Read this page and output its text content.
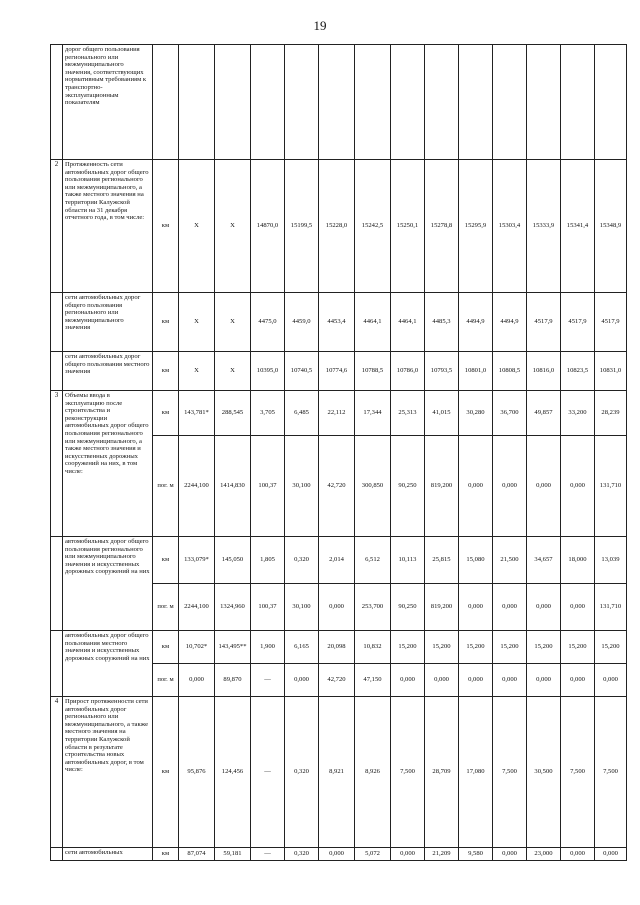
19
	дорог общего пользования регионального или межмуниципального значения, соответствующих нормативным требованиям к транспортно-эксплуатационным показателям														
2	Протяженность сети автомобильных дорог общего пользования регионального или межмуниципального, а также местного значения на территории Калужской области на 31 декабря отчетного года, в том числе:	км	Х	Х	14870,0	15199,5	15228,0	15242,5	15250,1	15278,8	15295,9	15303,4	15333,9	15341,4	15348,9
	сети автомобильных дорог общего пользования регионального или межмуниципального значения	км	Х	Х	4475,0	4459,0	4453,4	4464,1	4464,1	4485,3	4494,9	4494,9	4517,9	4517,9	4517,9
	сети автомобильных дорог общего пользования местного значения	км	Х	Х	10395,0	10740,5	10774,6	10788,5	10786,0	10793,5	10801,0	10808,5	10816,0	10823,5	10831,0
3	Объемы ввода в эксплуатацию после строительства и реконструкции автомобильных дорог общего пользования регионального или межмуниципального, а также местного значения и искусственных дорожных сооружений на них, в том числе:	км	143,781*	288,545	3,705	6,485	22,112	17,344	25,313	41,015	30,280	36,700	49,857	33,200	28,239
		пог. м	2244,100	1414,830	100,37	30,100	42,720	300,850	90,250	819,200	0,000	0,000	0,000	0,000	131,710
	автомобильных дорог общего пользования регионального или межмуниципального значения и искусственных дорожных сооружений на них	км	133,079*	145,050	1,805	0,320	2,014	6,512	10,113	25,815	15,080	21,500	34,657	18,000	13,039
		пог. м	2244,100	1324,960	100,37	30,100	0,000	253,700	90,250	819,200	0,000	0,000	0,000	0,000	131,710
	автомобильных дорог общего пользования местного значения и искусственных дорожных сооружений на них	км	10,702*	143,495**	1,900	6,165	20,098	10,832	15,200	15,200	15,200	15,200	15,200	15,200	15,200
		пог. м	0,000	89,870	—	0,000	42,720	47,150	0,000	0,000	0,000	0,000	0,000	0,000	0,000
4	Прирост протяженности сети автомобильных дорог регионального или межмуниципального, а также местного значения на территории Калужской области в результате строительства новых автомобильных дорог, в том числе:	км	95,876	124,456	—	0,320	8,921	8,926	7,500	28,709	17,080	7,500	30,500	7,500	7,500
	сети автомобильных	км	87,074	59,181	—	0,320	0,000	5,072	0,000	21,209	9,580	0,000	23,000	0,000	0,000
